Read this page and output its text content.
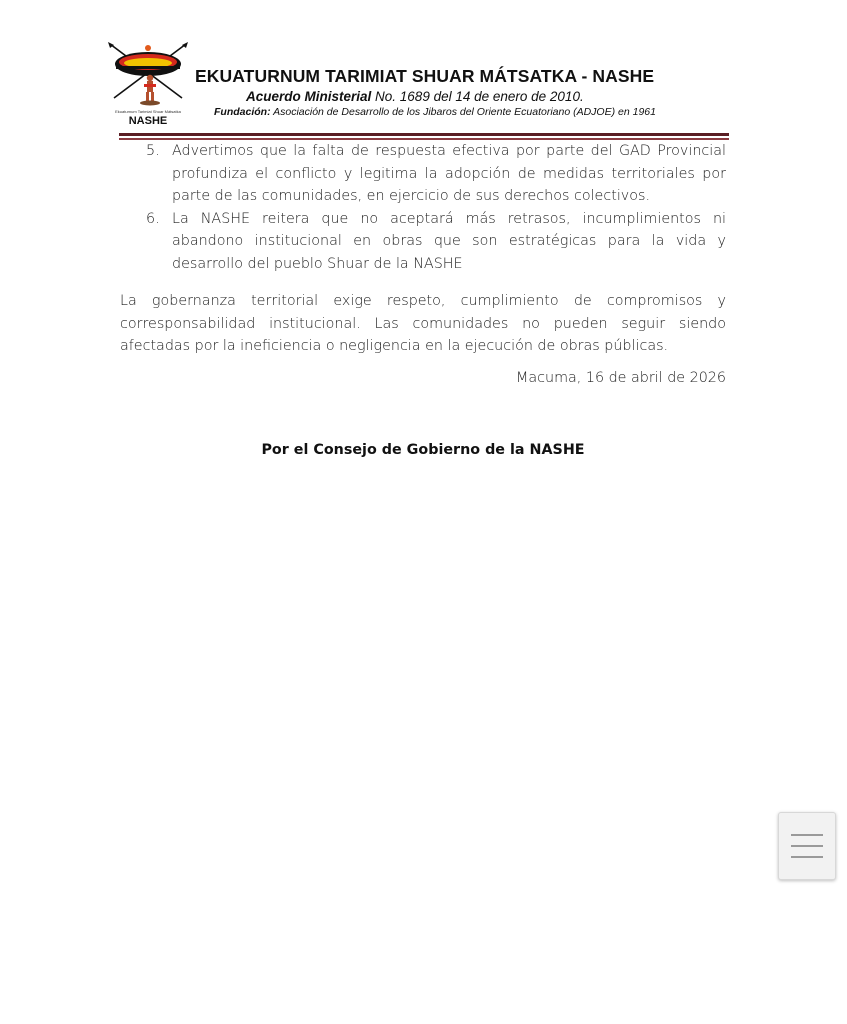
Ekuaturnum Tarimiat Shuar Mátsatka
NASHE
EKUATURNUM TARIMIAT SHUAR MÁTSATKA - NASHE
Acuerdo Ministerial No. 1689 del 14 de enero de 2010.
Fundación: Asociación de Desarrollo de los Jibaros del Oriente Ecuatoriano (ADJOE) en 1961
5. Advertimos que la falta de respuesta efectiva por parte del GAD Provincial profundiza el conflicto y legitima la adopción de medidas territoriales por parte de las comunidades, en ejercicio de sus derechos colectivos.
6. La NASHE reitera que no aceptará más retrasos, incumplimientos ni abandono institucional en obras que son estratégicas para la vida y desarrollo del pueblo Shuar de la NASHE

La gobernanza territorial exige respeto, cumplimiento de compromisos y corresponsabilidad institucional. Las comunidades no pueden seguir siendo afectadas por la ineficiencia o negligencia en la ejecución de obras públicas.

Macuma, 16 de abril de 2026

Por el Consejo de Gobierno de la NASHE
